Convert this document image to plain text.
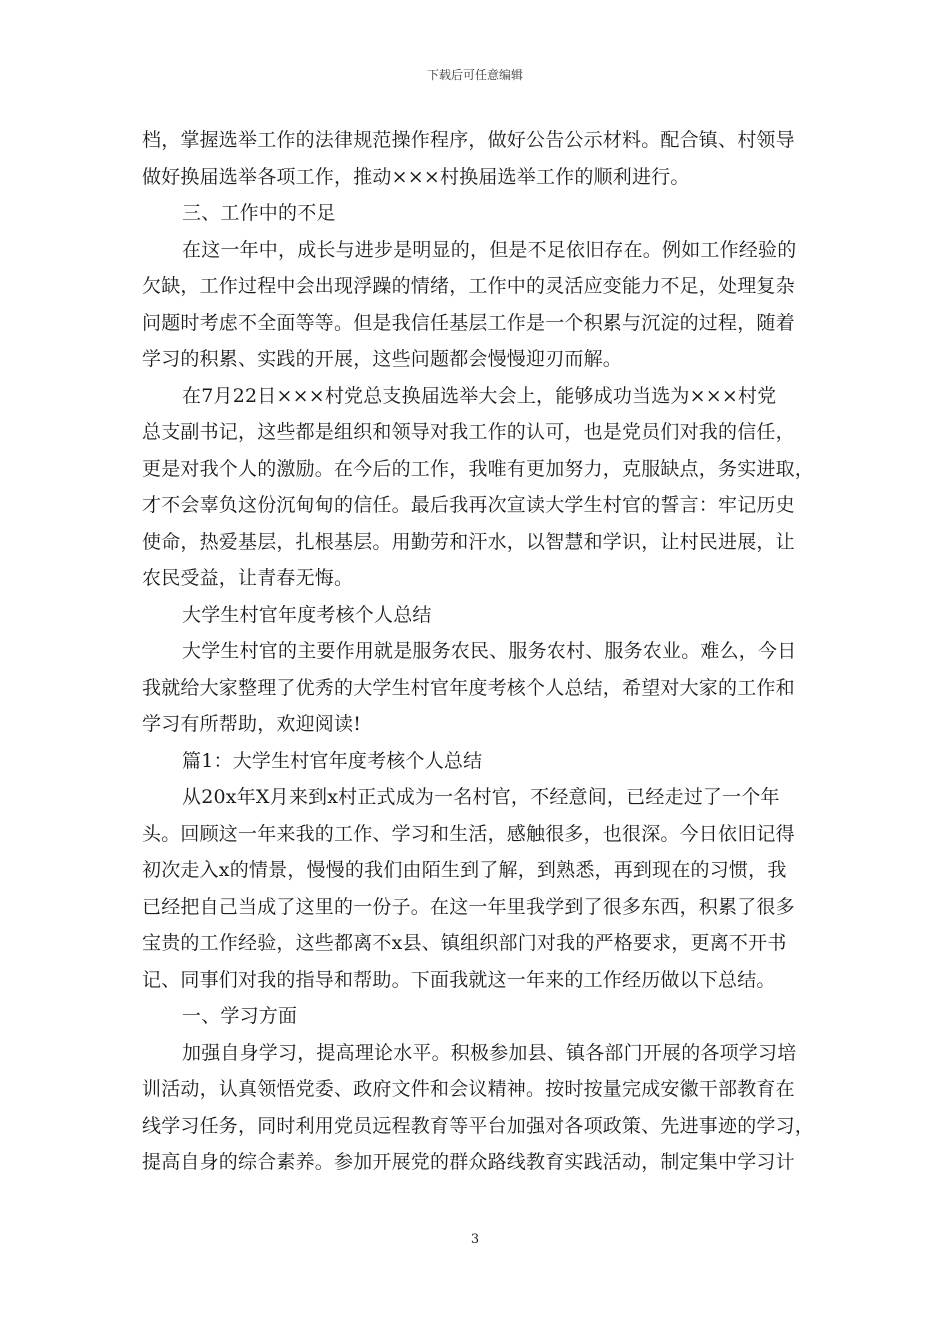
下载后可任意编辑
档，掌握选举工作的法律规范操作程序，做好公告公示材料。配合镇、村领导
做好换届选举各项工作，推动×××村换届选举工作的顺利进行。
三、工作中的不足
在这一年中，成长与进步是明显的，但是不足依旧存在。例如工作经验的
欠缺，工作过程中会出现浮躁的情绪，工作中的灵活应变能力不足，处理复杂
问题时考虑不全面等等。但是我信任基层工作是一个积累与沉淀的过程，随着
学习的积累、实践的开展，这些问题都会慢慢迎刃而解。
在7月22日×××村党总支换届选举大会上，能够成功当选为×××村党
总支副书记，这些都是组织和领导对我工作的认可，也是党员们对我的信任，
更是对我个人的激励。在今后的工作，我唯有更加努力，克服缺点，务实进取，
才不会辜负这份沉甸甸的信任。最后我再次宣读大学生村官的誓言：牢记历史
使命，热爱基层，扎根基层。用勤劳和汗水，以智慧和学识，让村民进展，让
农民受益，让青春无悔。
大学生村官年度考核个人总结
大学生村官的主要作用就是服务农民、服务农村、服务农业。难么，今日
我就给大家整理了优秀的大学生村官年度考核个人总结，希望对大家的工作和
学习有所帮助，欢迎阅读!
篇1：大学生村官年度考核个人总结
从20x年X月来到x村正式成为一名村官，不经意间，已经走过了一个年
头。回顾这一年来我的工作、学习和生活，感触很多，也很深。今日依旧记得
初次走入x的情景，慢慢的我们由陌生到了解，到熟悉，再到现在的习惯，我
已经把自己当成了这里的一份子。在这一年里我学到了很多东西，积累了很多
宝贵的工作经验，这些都离不x县、镇组织部门对我的严格要求，更离不开书
记、同事们对我的指导和帮助。下面我就这一年来的工作经历做以下总结。
一、学习方面
加强自身学习，提高理论水平。积极参加县、镇各部门开展的各项学习培
训活动，认真领悟党委、政府文件和会议精神。按时按量完成安徽干部教育在
线学习任务，同时利用党员远程教育等平台加强对各项政策、先进事迹的学习，
提高自身的综合素养。参加开展党的群众路线教育实践活动，制定集中学习计
3
